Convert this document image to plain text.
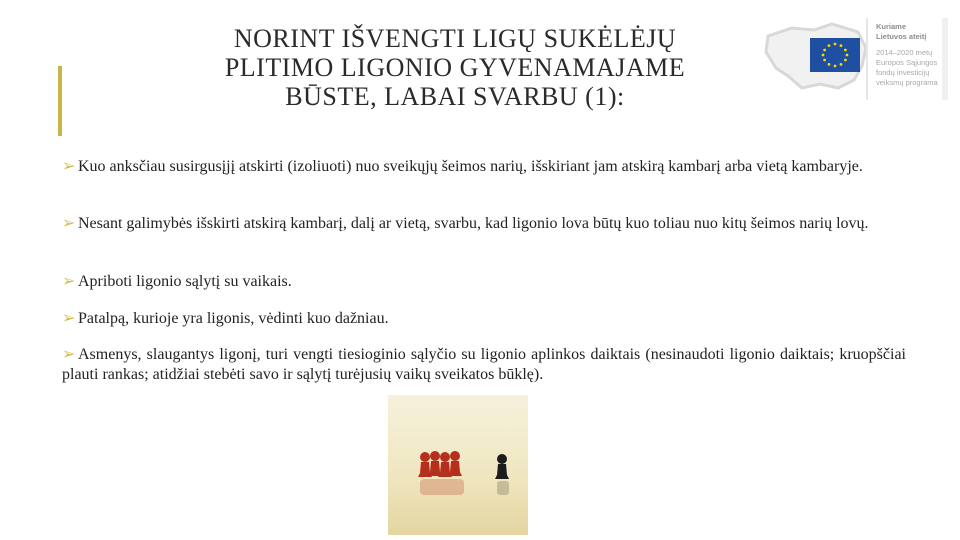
NORINT IŠVENGTI LIGŲ SUKĖLĖJŲ
PLITIMO LIGONIO GYVENAMAJAME
BŪSTE, LABAI SVARBU (1):
Kuriame
Lietuvos ateitį
2014–2020 metų
Europos Sąjungos
fondų investicijų
veiksmų programa
➢ Kuo anksčiau susirgusįjį atskirti (izoliuoti) nuo sveikųjų šeimos narių, išskiriant jam atskirą kambarį arba vietą kambaryje.
➢ Nesant galimybės išskirti atskirą kambarį, dalį ar vietą, svarbu, kad ligonio lova būtų kuo toliau nuo kitų šeimos narių lovų.
➢ Apriboti ligonio sąlytį su vaikais.
➢ Patalpą, kurioje yra ligonis, vėdinti kuo dažniau.
➢ Asmenys, slaugantys ligonį, turi vengti tiesioginio sąlyčio su ligonio aplinkos daiktais (nesinaudoti ligonio daiktais; kruopščiai plauti rankas; atidžiai stebėti savo ir sąlytį turėjusių vaikų sveikatos būklę).
